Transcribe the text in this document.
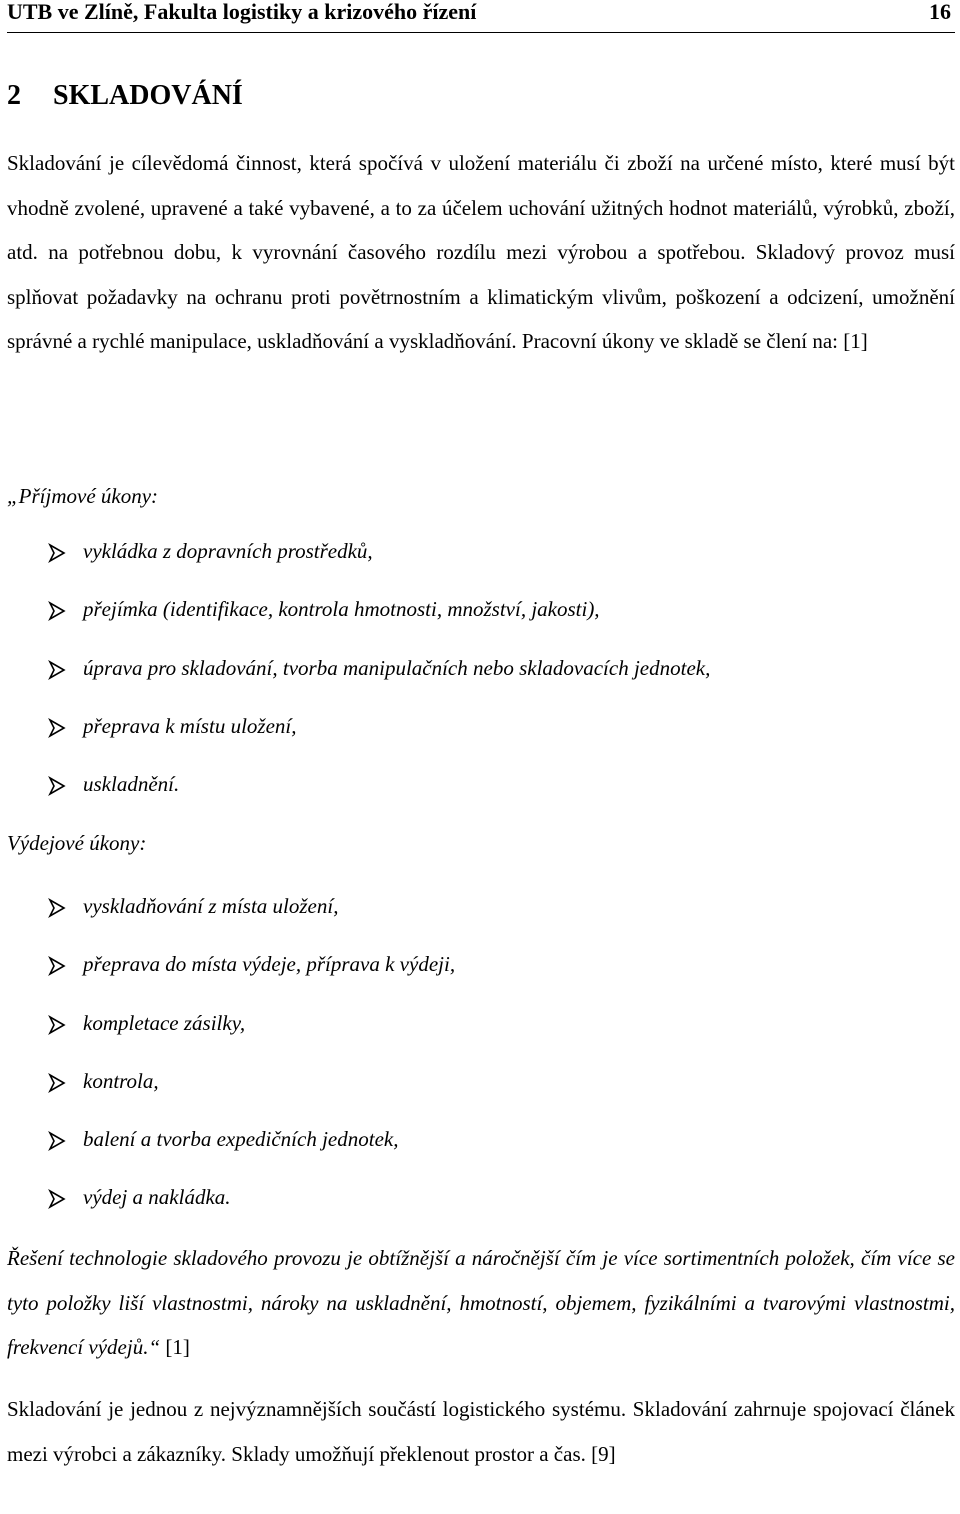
UTB ve Zlíně, Fakulta logistiky a krizového řízení	16
2 SKLADOVÁNÍ

Skladování je cílevědomá činnost, která spočívá v uložení materiálu či zboží na určené místo, které musí být vhodně zvolené, upravené a také vybavené, a to za účelem uchování užitných hodnot materiálů, výrobků, zboží, atd. na potřebnou dobu, k vyrovnání časového rozdílu mezi výrobou a spotřebou. Skladový provoz musí splňovat požadavky na ochranu proti povětrnostním a klimatickým vlivům, poškození a odcizení, umožnění správné a rychlé manipulace, uskladňování a vyskladňování. Pracovní úkony ve skladě se člení na: [1]

„Příjmové úkony:
vykládka z dopravních prostředků,
přejímka (identifikace, kontrola hmotnosti, množství, jakosti),
úprava pro skladování, tvorba manipulačních nebo skladovacích jednotek,
přeprava k místu uložení,
uskladnění.
Výdejové úkony:
vyskladňování z místa uložení,
přeprava do místa výdeje, příprava k výdeji,
kompletace zásilky,
kontrola,
balení a tvorba expedičních jednotek,
výdej a nakládka.

Řešení technologie skladového provozu je obtížnější a náročnější čím je více sortimentních položek, čím více se tyto položky liší vlastnostmi, nároky na uskladnění, hmotností, objemem, fyzikálními a tvarovými vlastnostmi, frekvencí výdejů.“ [1]

Skladování je jednou z nejvýznamnějších součástí logistického systému. Skladování zahrnuje spojovací článek mezi výrobci a zákazníky. Sklady umožňují překlenout prostor a čas. [9]
